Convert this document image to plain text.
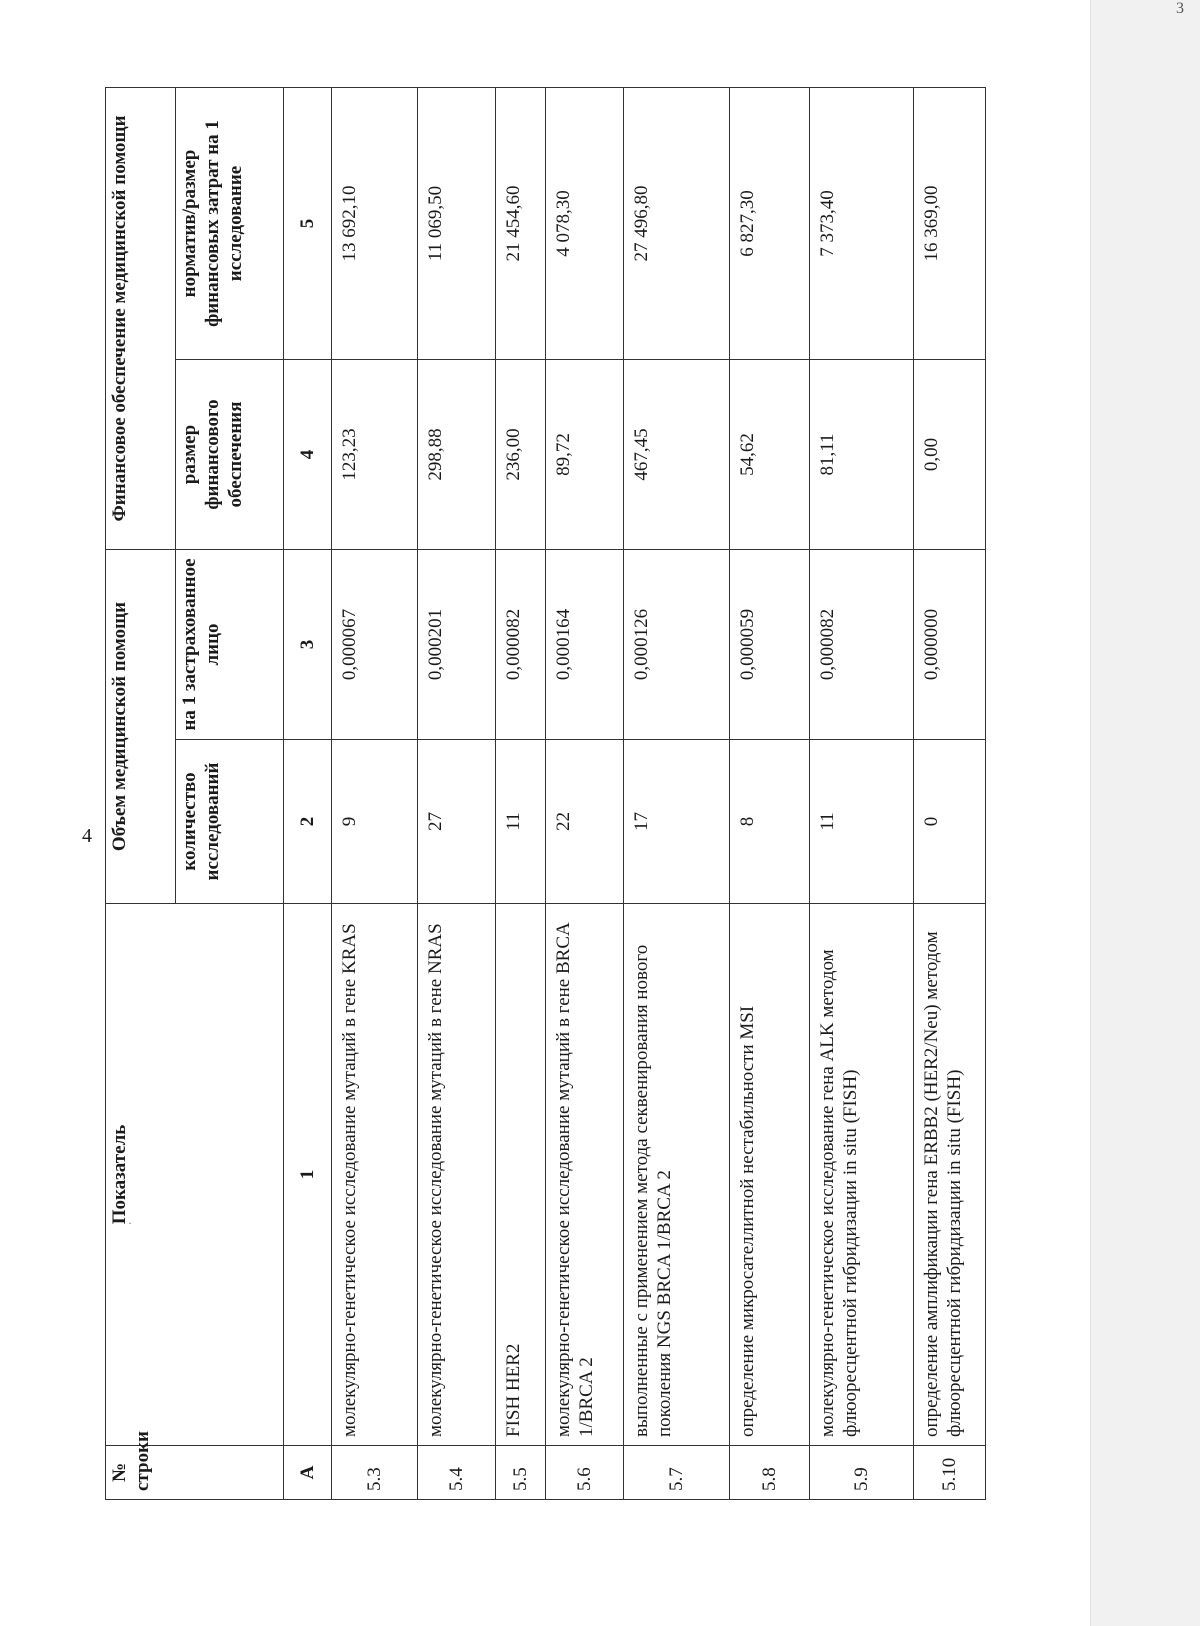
3
4
·
№ строки	Показатель	Объем медицинской помощи		Финансовое обеспечение медицинской помощи	
		количество исследований	на 1 застрахованное лицо	размер финансового обеспечения	норматив/размер финансовых затрат на 1 исследование
А	1	2	3	4	5
5.3	молекулярно-генетическое исследование мутаций в гене KRAS	9	0,000067	123,23	13 692,10
5.4	молекулярно-генетическое исследование мутаций в гене NRAS	27	0,000201	298,88	11 069,50
5.5	FISH HER2	11	0,000082	236,00	21 454,60
5.6	молекулярно-генетическое исследование мутаций в гене BRCA 1/BRCA 2	22	0,000164	89,72	4 078,30
5.7	выполненные с применением метода секвенирования нового поколения NGS BRCA 1/BRCA 2	17	0,000126	467,45	27 496,80
5.8	определение микросателлитной нестабильности MSI	8	0,000059	54,62	6 827,30
5.9	молекулярно-генетическое исследование гена ALK методом флюоресцентной гибридизации in situ (FISH)	11	0,000082	81,11	7 373,40
5.10	определение амплификации гена ERBB2 (HER2/Neu) методом флюоресцентной гибридизации in situ (FISH)	0	0,000000	0,00	16 369,00
